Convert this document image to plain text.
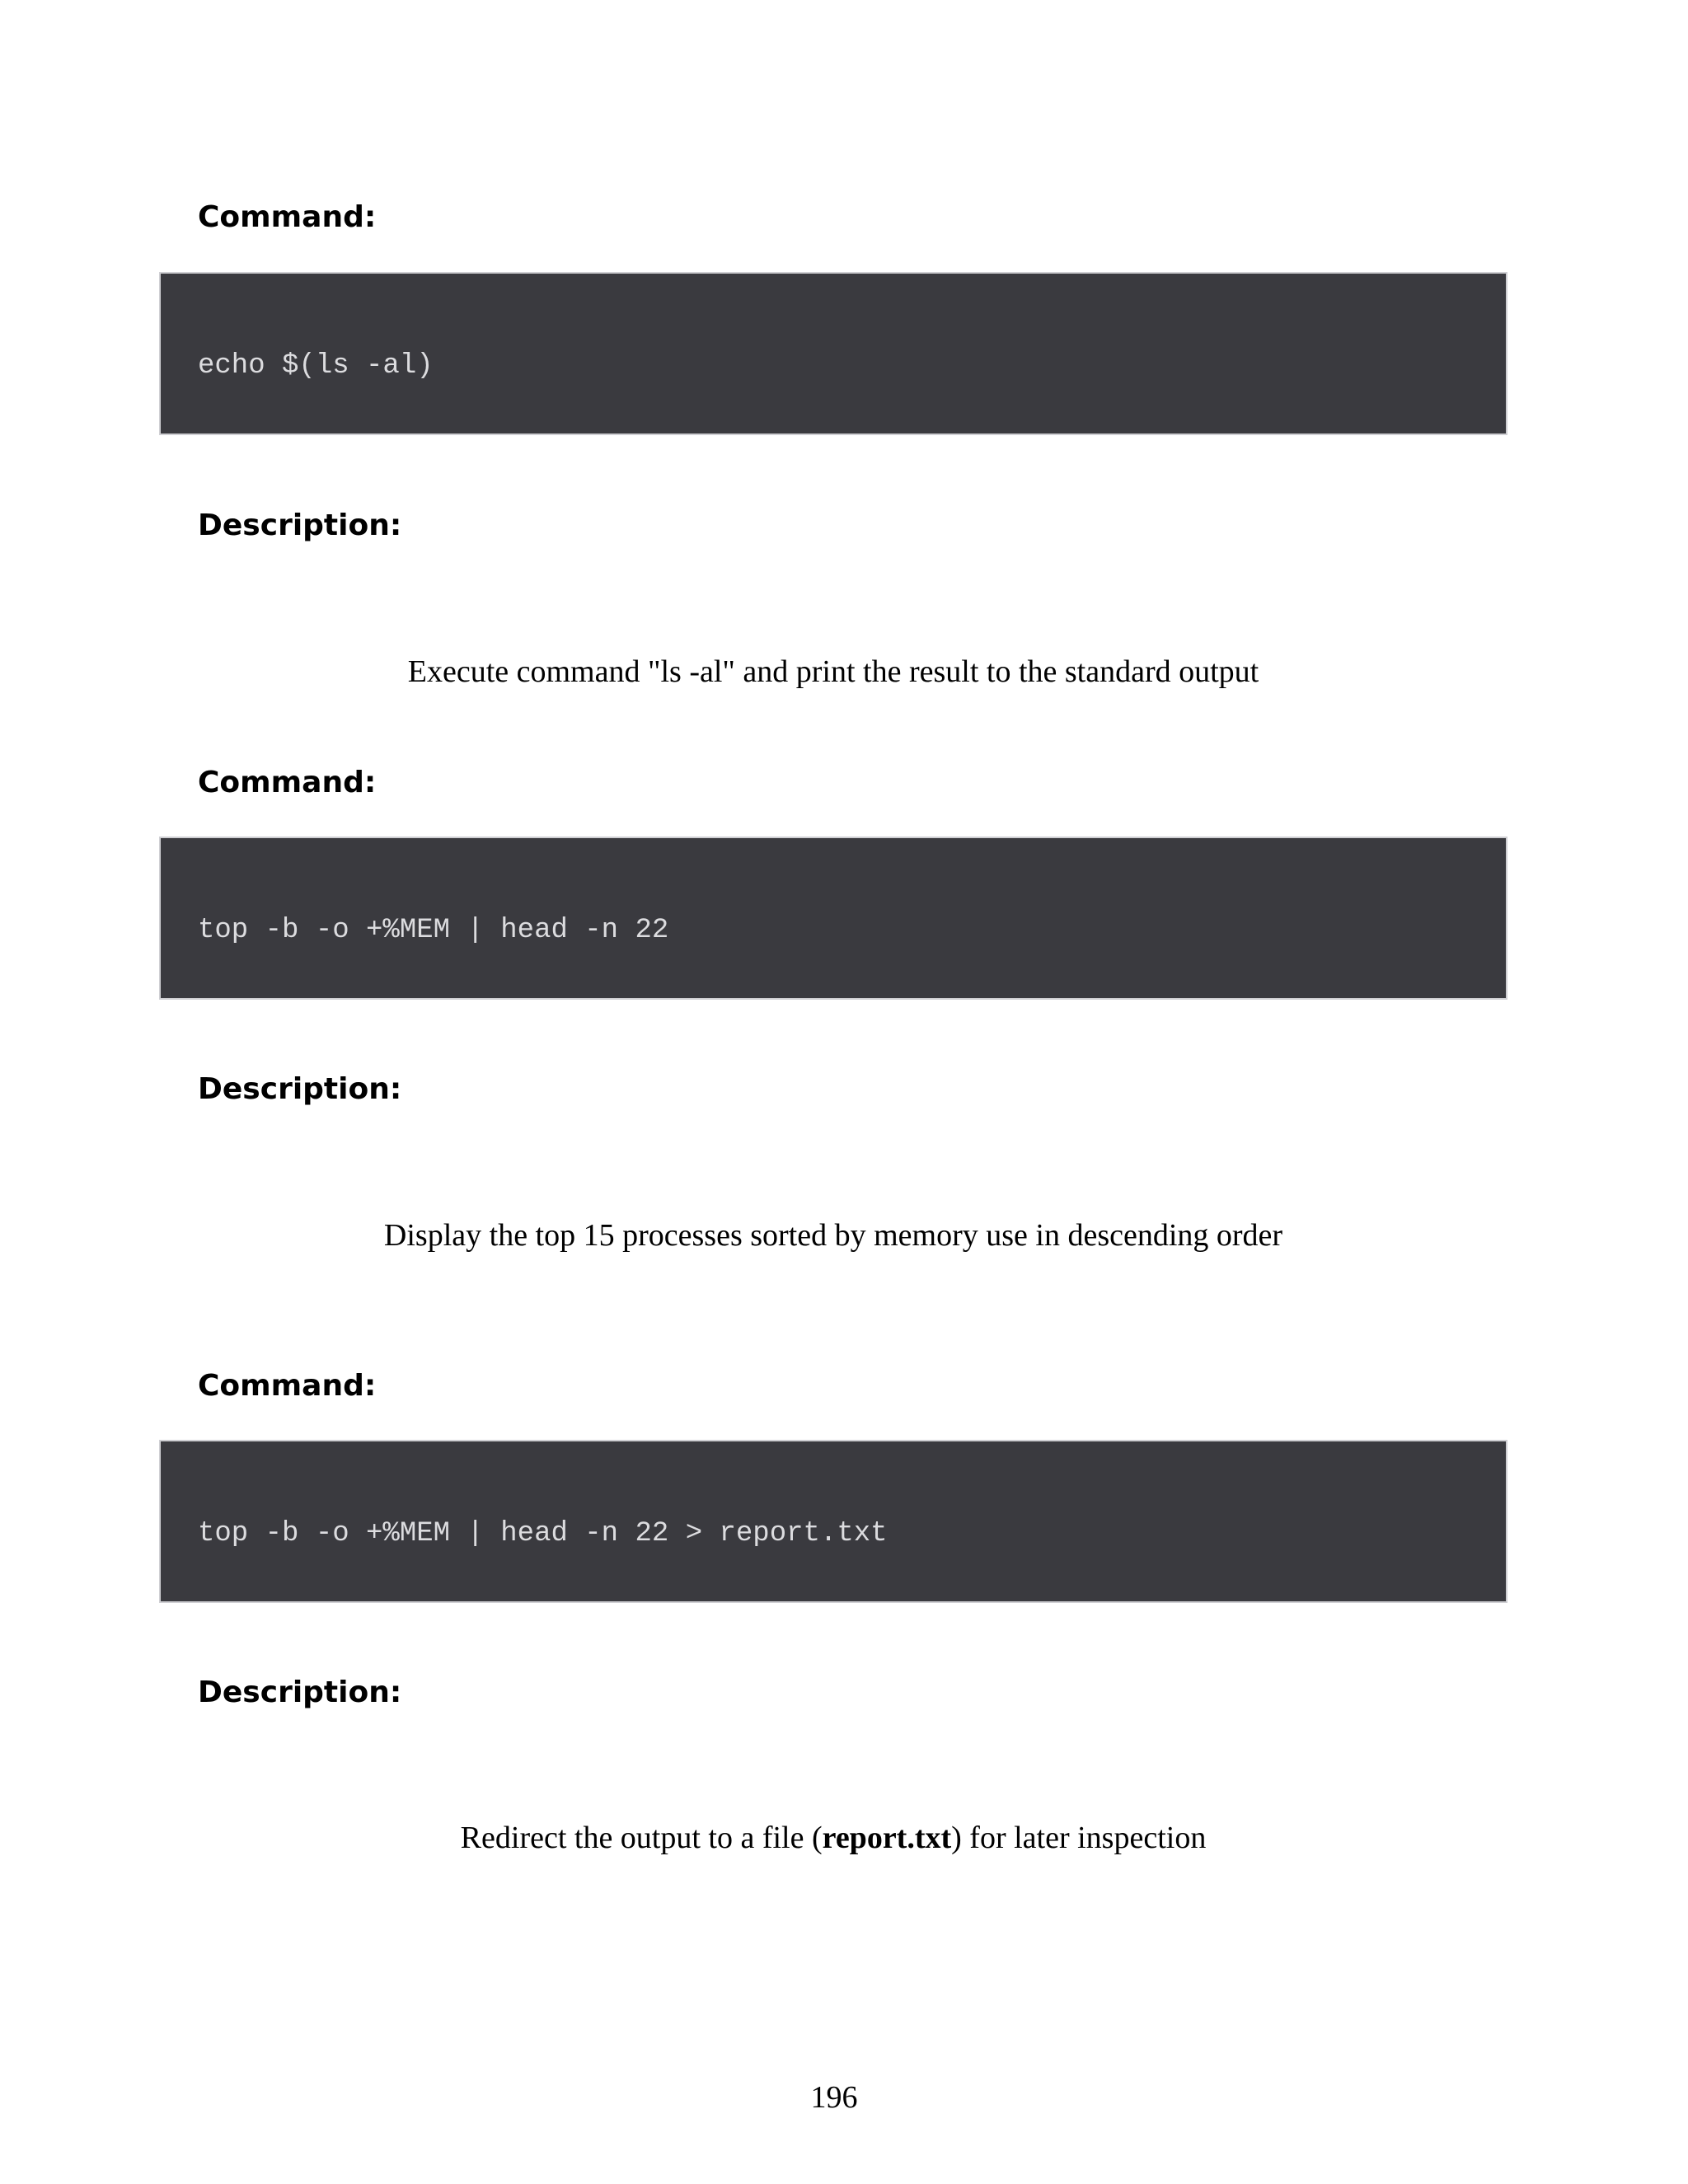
Command:
echo $(ls -al)
Description:

Execute command "ls -al" and print the result to the standard output

Command:
top -b -o +%MEM | head -n 22
Description:

Display the top 15 processes sorted by memory use in descending order

Command:
top -b -o +%MEM | head -n 22 > report.txt
Description:

Redirect the output to a file (report.txt) for later inspection

196
